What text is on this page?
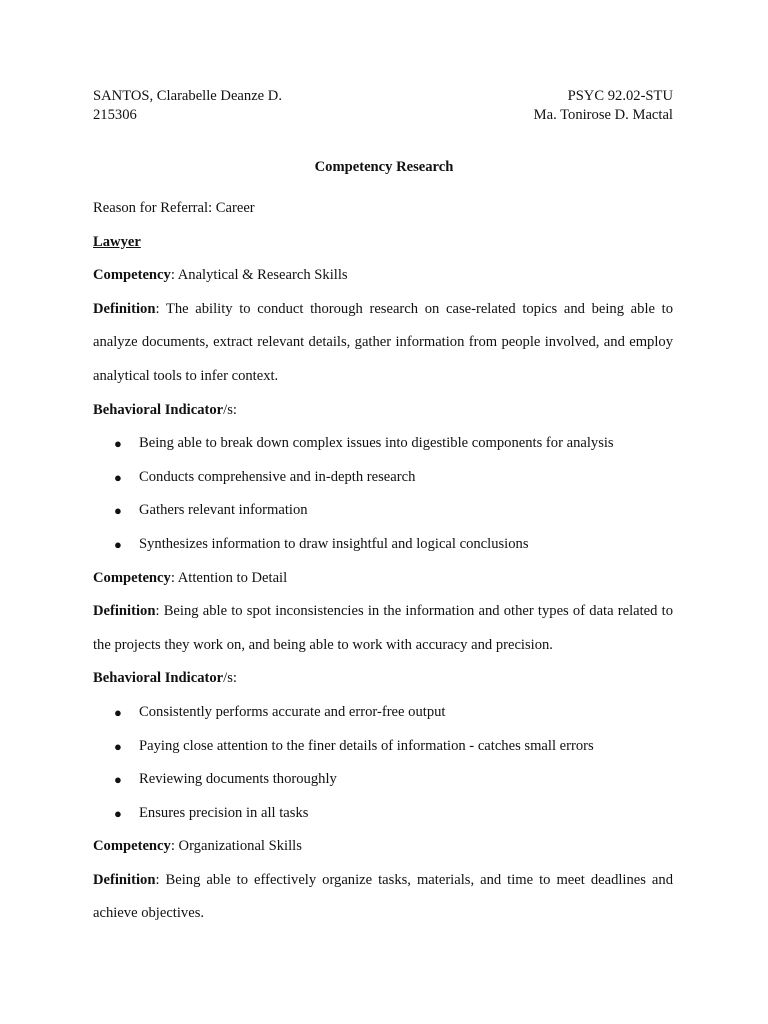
SANTOS, Clarabelle Deanze D.	PSYC 92.02-STU
215306	Ma. Tonirose D. Mactal
Competency Research

Reason for Referral: Career

Lawyer

Competency: Analytical & Research Skills

Definition: The ability to conduct thorough research on case-related topics and being able to analyze documents, extract relevant details, gather information from people involved, and employ analytical tools to infer context.

Behavioral Indicator/s:

● Being able to break down complex issues into digestible components for analysis
● Conducts comprehensive and in-depth research
● Gathers relevant information
● Synthesizes information to draw insightful and logical conclusions

Competency: Attention to Detail

Definition: Being able to spot inconsistencies in the information and other types of data related to the projects they work on, and being able to work with accuracy and precision.

Behavioral Indicator/s:

● Consistently performs accurate and error-free output
● Paying close attention to the finer details of information - catches small errors
● Reviewing documents thoroughly
● Ensures precision in all tasks

Competency: Organizational Skills

Definition: Being able to effectively organize tasks, materials, and time to meet deadlines and achieve objectives.
